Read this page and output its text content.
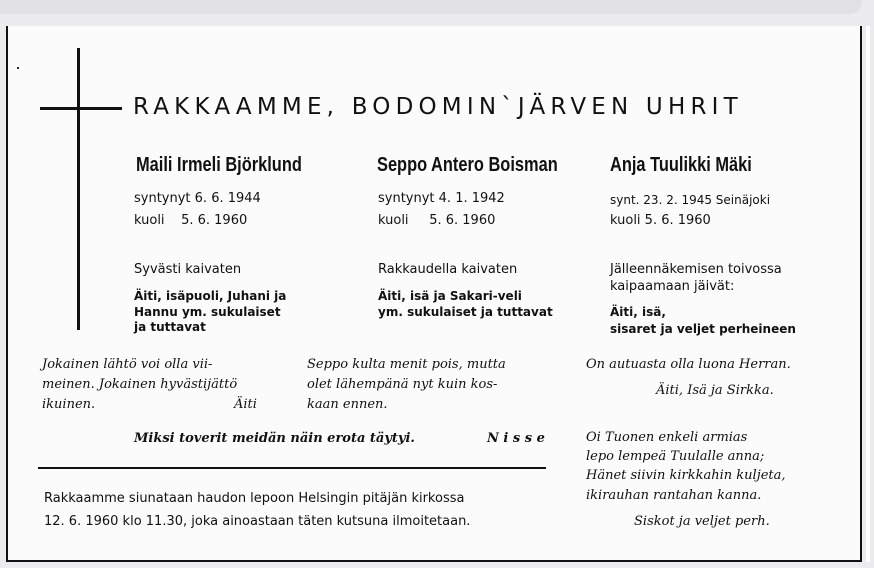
RAKKAAMME, BODOMIN`JÄRVEN UHRIT
Maili Irmeli Björklund
syntynyt 6. 6. 1944
kuoli    5. 6. 1960
Syvästi kaivaten
Äiti, isäpuoli, Juhani ja
Hannu ym. sukulaiset
ja tuttavat
Seppo Antero Boisman
syntynyt 4. 1. 1942
kuoli     5. 6. 1960
Rakkaudella kaivaten
Äiti, isä ja Sakari-veli
ym. sukulaiset ja tuttavat
Anja Tuulikki Mäki
synt. 23. 2. 1945 Seinäjoki
kuoli 5. 6. 1960
Jälleennäkemisen toivossa
kaipaamaan jäivät:
Äiti, isä,
sisaret ja veljet perheineen
Jokainen lähtö voi olla vii-
meinen. Jokainen hyvästijättö
ikuinen.	Äiti
Seppo kulta menit pois, mutta
olet lähempänä nyt kuin kos-
kaan ennen.
Miksi toverit meidän näin erota täytyi.	N i s s e
On autuasta olla luona Herran.
Äiti, Isä ja Sirkka.
Oi Tuonen enkeli armias
lepo lempeä Tuulalle anna;
Hänet siivin kirkkahin kuljeta,
ikirauhan rantahan kanna.
Siskot ja veljet perh.
Rakkaamme siunataan haudon lepoon Helsingin pitäjän kirkossa
12. 6. 1960 klo 11.30, joka ainoastaan täten kutsuna ilmoitetaan.
